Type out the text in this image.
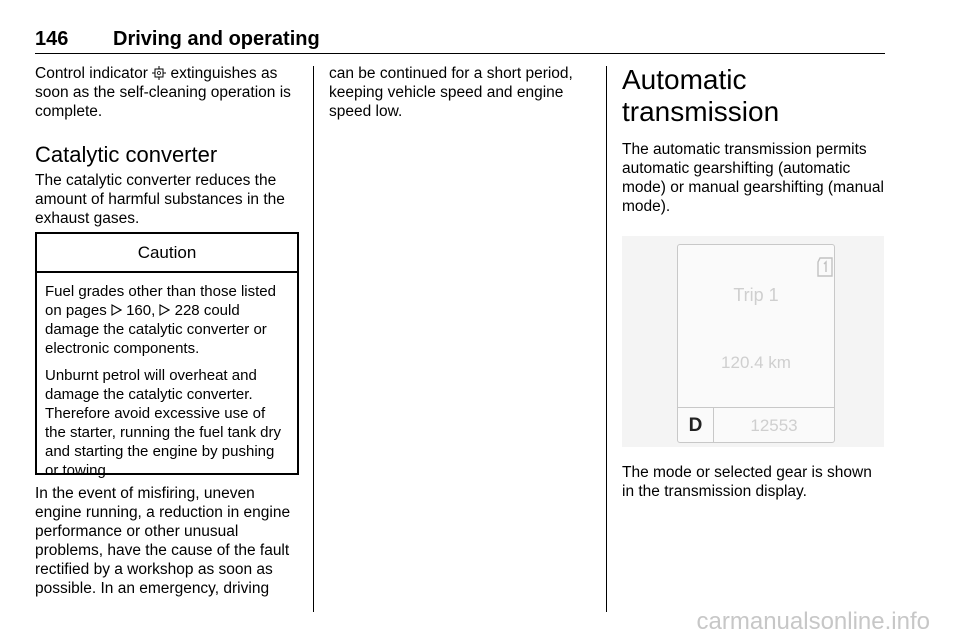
146 Driving and operating

Control indicator extinguishes as soon as the self-cleaning operation is complete.

Catalytic converter

The catalytic converter reduces the amount of harmful substances in the exhaust gases.

Caution

Fuel grades other than those listed on pages 160, 228 could damage the catalytic converter or electronic components.

Unburnt petrol will overheat and damage the catalytic converter. Therefore avoid excessive use of the starter, running the fuel tank dry and starting the engine by pushing or towing.

In the event of misfiring, uneven engine running, a reduction in engine performance or other unusual problems, have the cause of the fault rectified by a workshop as soon as possible. In an emergency, driving

can be continued for a short period, keeping vehicle speed and engine speed low.

Automatic transmission

The automatic transmission permits automatic gearshifting (automatic mode) or manual gearshifting (manual mode).

Trip 1
120.4 km
D	12553

The mode or selected gear is shown in the transmission display.

carmanualsonline.info
